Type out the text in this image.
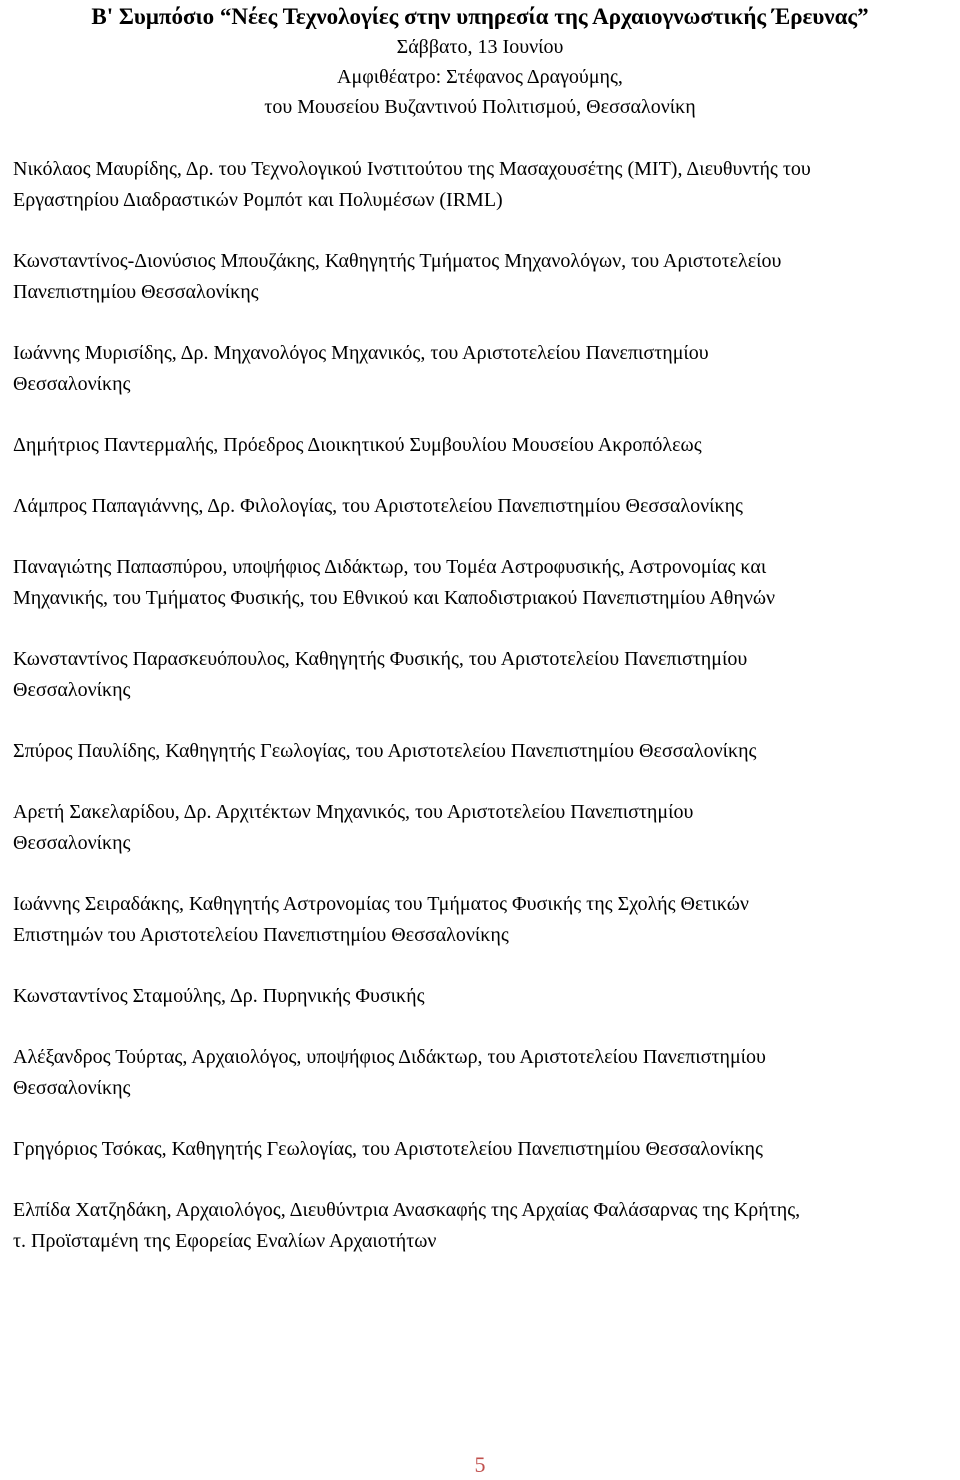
Β' Συμπόσιο “Νέες Τεχνολογίες στην υπηρεσία της Αρχαιογνωστικής Έρευνας”

Σάββατο, 13 Ιουνίου

Αμφιθέατρο: Στέφανος Δραγούμης,

του Μουσείου Βυζαντινού Πολιτισμού, Θεσσαλονίκη

Νικόλαος Μαυρίδης, Δρ. του Τεχνολογικού Ινστιτούτου της Μασαχουσέτης (ΜΙΤ), Διευθυντής του
Εργαστηρίου Διαδραστικών Ρομπότ και Πολυμέσων (IRML)

Κωνσταντίνος-Διονύσιος Μπουζάκης, Καθηγητής Τμήματος Μηχανολόγων, του Αριστοτελείου
Πανεπιστημίου Θεσσαλονίκης

Ιωάννης Μυρισίδης, Δρ. Μηχανολόγος Μηχανικός, του Αριστοτελείου Πανεπιστημίου
Θεσσαλονίκης

Δημήτριος Παντερμαλής, Πρόεδρος Διοικητικού Συμβουλίου Μουσείου Ακροπόλεως

Λάμπρος Παπαγιάννης, Δρ. Φιλολογίας, του Αριστοτελείου Πανεπιστημίου Θεσσαλονίκης

Παναγιώτης Παπασπύρου, υποψήφιος Διδάκτωρ, του Τομέα Αστροφυσικής, Αστρονομίας και
Μηχανικής, του Τμήματος Φυσικής, του Εθνικού και Καποδιστριακού Πανεπιστημίου Αθηνών

Κωνσταντίνος Παρασκευόπουλος, Καθηγητής Φυσικής, του Αριστοτελείου Πανεπιστημίου
Θεσσαλονίκης

Σπύρος Παυλίδης, Καθηγητής Γεωλογίας, του Αριστοτελείου Πανεπιστημίου Θεσσαλονίκης

Αρετή Σακελαρίδου, Δρ. Αρχιτέκτων Μηχανικός, του Αριστοτελείου Πανεπιστημίου
Θεσσαλονίκης

Ιωάννης Σειραδάκης, Καθηγητής Αστρονομίας του Τμήματος Φυσικής της Σχολής Θετικών
Επιστημών του Αριστοτελείου Πανεπιστημίου Θεσσαλονίκης

Κωνσταντίνος Σταμούλης, Δρ. Πυρηνικής Φυσικής

Αλέξανδρος Τούρτας, Αρχαιολόγος, υποψήφιος Διδάκτωρ, του Αριστοτελείου Πανεπιστημίου
Θεσσαλονίκης

Γρηγόριος Τσόκας, Καθηγητής Γεωλογίας, του Αριστοτελείου Πανεπιστημίου Θεσσαλονίκης

Ελπίδα Χατζηδάκη, Αρχαιολόγος, Διευθύντρια Ανασκαφής της Αρχαίας Φαλάσαρνας της Κρήτης,
τ. Προϊσταμένη της Εφορείας Εναλίων Αρχαιοτήτων

5
